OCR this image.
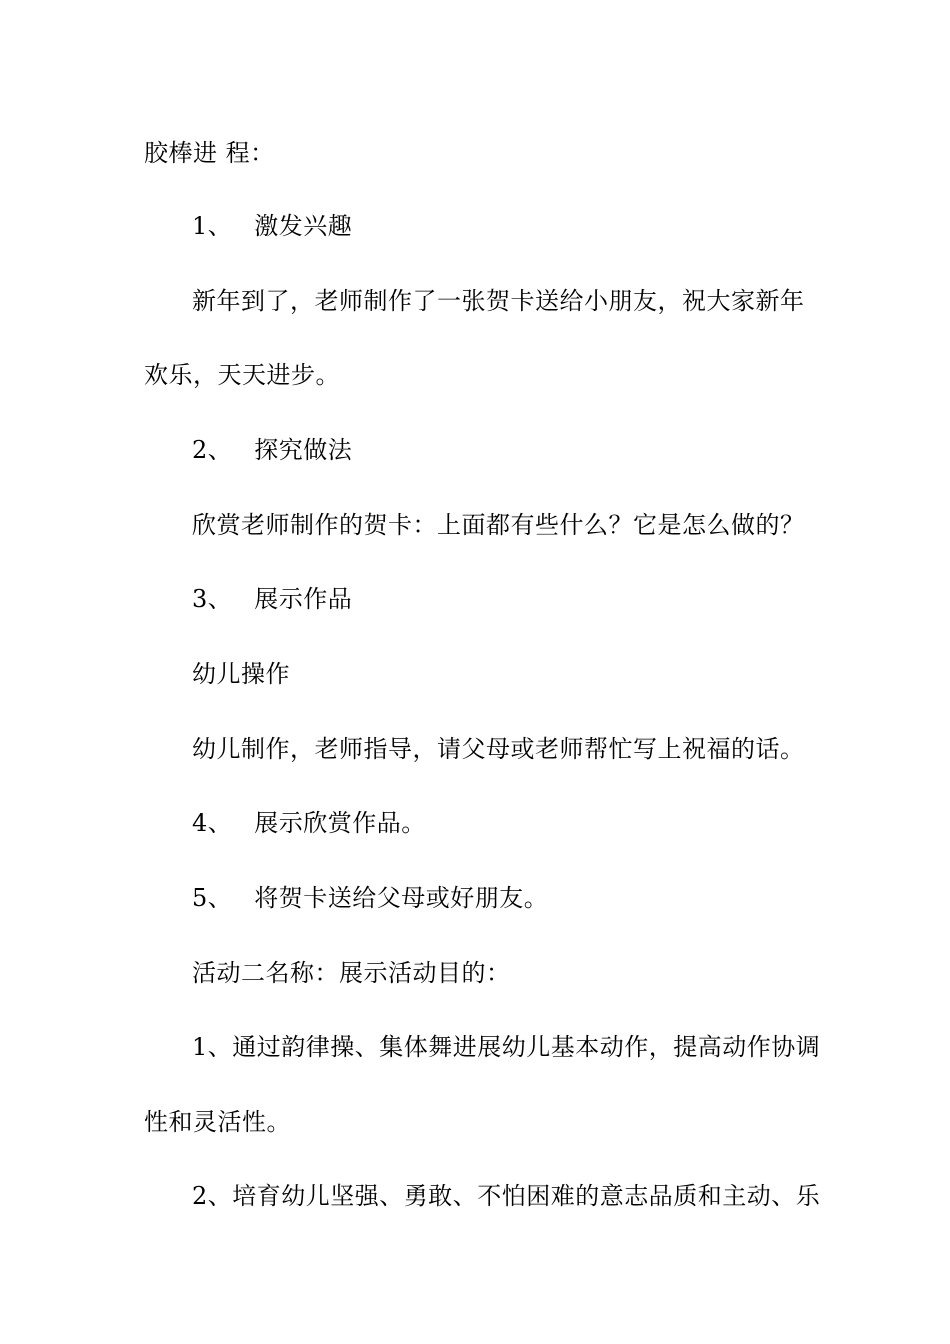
胶棒进 程：
1、 激发兴趣
新年到了，老师制作了一张贺卡送给小朋友，祝大家新年
欢乐，天天进步。
2、 探究做法
欣赏老师制作的贺卡：上面都有些什么？它是怎么做的？
3、 展示作品
幼儿操作
幼儿制作，老师指导，请父母或老师帮忙写上祝福的话。
4、 展示欣赏作品。
5、 将贺卡送给父母或好朋友。
活动二名称：展示活动目的：
1、通过韵律操、集体舞进展幼儿基本动作，提高动作协调
性和灵活性。
2、培育幼儿坚强、勇敢、不怕困难的意志品质和主动、乐
